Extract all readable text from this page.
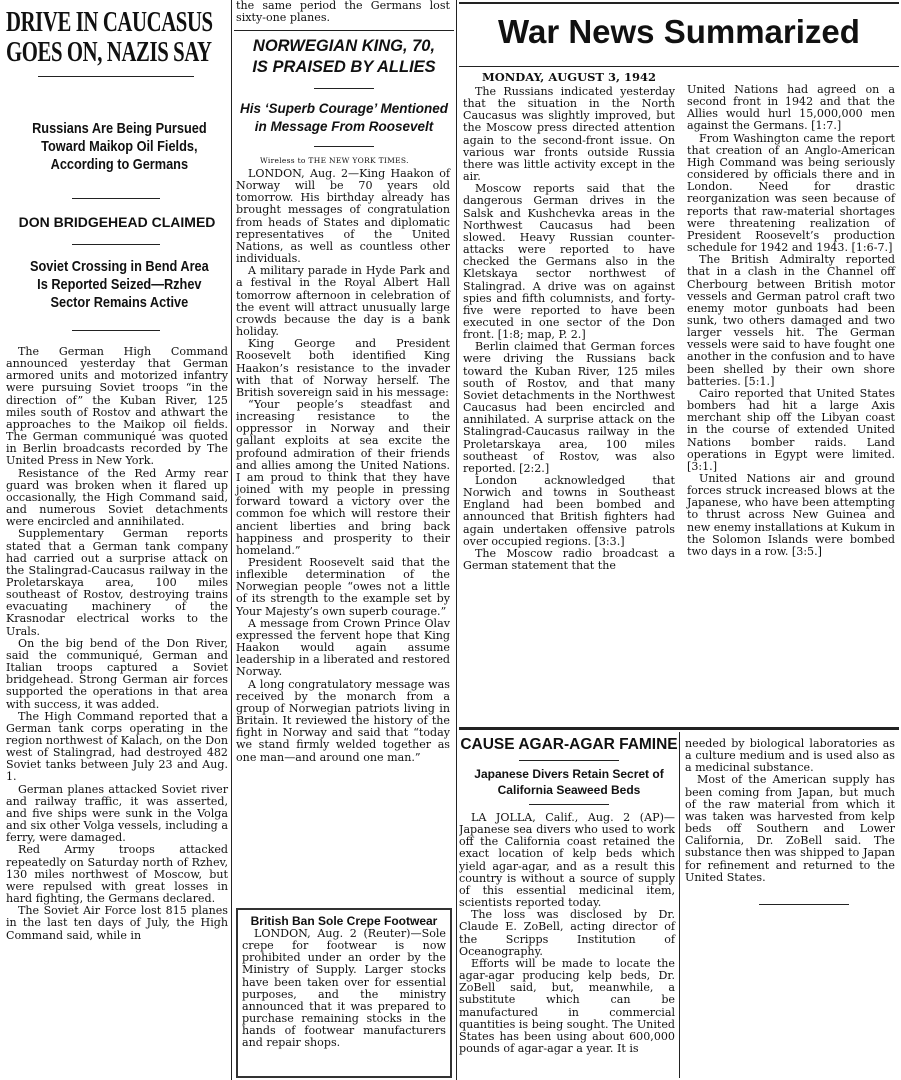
DRIVE IN CAUCASUS
GOES ON, NAZIS SAY
Russians Are Being Pursued
Toward Maikop Oil Fields,
According to Germans
DON BRIDGEHEAD CLAIMED
Soviet Crossing in Bend Area
Is Reported Seized—Rzhev
Sector Remains Active

The German High Command announced yesterday that German armored units and motorized infantry were pursuing Soviet troops “in the direction of” the Kuban River, 125 miles south of Rostov and athwart the approaches to the Maikop oil fields. The German communiqué was quoted in Berlin broadcasts recorded by The United Press in New York.

Resistance of the Red Army rear guard was broken when it flared up occasionally, the High Command said, and numerous Soviet detachments were encircled and annihilated.

Supplementary German reports stated that a German tank company had carried out a surprise attack on the Stalingrad-Caucasus railway in the Proletarskaya area, 100 miles southeast of Rostov, destroying trains evacuating machinery of the Krasnodar electrical works to the Urals.

On the big bend of the Don River, said the communiqué, German and Italian troops captured a Soviet bridgehead. Strong German air forces supported the operations in that area with success, it was added.

The High Command reported that a German tank corps operating in the region northwest of Kalach, on the Don west of Stalingrad, had destroyed 482 Soviet tanks between July 23 and Aug. 1.

German planes attacked Soviet river and railway traffic, it was asserted, and five ships were sunk in the Volga and six other Volga vessels, including a ferry, were damaged.

Red Army troops attacked repeatedly on Saturday north of Rzhev, 130 miles northwest of Moscow, but were repulsed with great losses in hard fighting, the Germans declared.

The Soviet Air Force lost 815 planes in the last ten days of July, the High Command said, while in

the same period the Germans lost sixty-one planes.
NORWEGIAN KING, 70,
IS PRAISED BY ALLIES
His ‘Superb Courage’ Mentioned
in Message From Roosevelt
Wireless to THE NEW YORK TIMES.

LONDON, Aug. 2—King Haakon of Norway will be 70 years old tomorrow. His birthday already has brought messages of congratulation from heads of States and diplomatic representatives of the United Nations, as well as countless other individuals.

A military parade in Hyde Park and a festival in the Royal Albert Hall tomorrow afternoon in celebration of the event will attract unusually large crowds because the day is a bank holiday.

King George and President Roosevelt both identified King Haakon’s resistance to the invader with that of Norway herself. The British sovereign said in his message:

“Your people’s steadfast and increasing resistance to the oppressor in Norway and their gallant exploits at sea excite the profound admiration of their friends and allies among the United Nations. I am proud to think that they have joined with my people in pressing forward toward a victory over the common foe which will restore their ancient liberties and bring back happiness and prosperity to their homeland.”

President Roosevelt said that the inflexible determination of the Norwegian people “owes not a little of its strength to the example set by Your Majesty’s own superb courage.”

A message from Crown Prince Olav expressed the fervent hope that King Haakon would again assume leadership in a liberated and restored Norway.

A long congratulatory message was received by the monarch from a group of Norwegian patriots living in Britain. It reviewed the history of the fight in Norway and said that “today we stand firmly welded together as one man—and around one man.”

British Ban Sole Crepe Footwear
LONDON, Aug. 2 (Reuter)—Sole crepe for footwear is now prohibited under an order by the Ministry of Supply. Larger stocks have been taken over for essential purposes, and the ministry announced that it was prepared to purchase remaining stocks in the hands of footwear manufacturers and repair shops.
War News Summarized
MONDAY, AUGUST 3, 1942

The Russians indicated yesterday that the situation in the North Caucasus was slightly improved, but the Moscow press directed attention again to the second-front issue. On various war fronts outside Russia there was little activity except in the air.

Moscow reports said that the dangerous German drives in the Salsk and Kushchevka areas in the Northwest Caucasus had been slowed. Heavy Russian counter-attacks were reported to have checked the Germans also in the Kletskaya sector northwest of Stalingrad. A drive was on against spies and fifth columnists, and forty-five were reported to have been executed in one sector of the Don front. [1:8; map, P. 2.]

Berlin claimed that German forces were driving the Russians back toward the Kuban River, 125 miles south of Rostov, and that many Soviet detachments in the Northwest Caucasus had been encircled and annihilated. A surprise attack on the Stalingrad-Caucasus railway in the Proletarskaya area, 100 miles southeast of Rostov, was also reported. [2:2.]

London acknowledged that Norwich and towns in Southeast England had been bombed and announced that British fighters had again undertaken offensive patrols over occupied regions. [3:3.]

The Moscow radio broadcast a German statement that the

United Nations had agreed on a second front in 1942 and that the Allies would hurl 15,000,000 men against the Germans. [1:7.]

From Washington came the report that creation of an Anglo-American High Command was being seriously considered by officials there and in London. Need for drastic reorganization was seen because of reports that raw-material shortages were threatening realization of President Roosevelt’s production schedule for 1942 and 1943. [1:6-7.]

The British Admiralty reported that in a clash in the Channel off Cherbourg between British motor vessels and German patrol craft two enemy motor gunboats had been sunk, two others damaged and two larger vessels hit. The German vessels were said to have fought one another in the confusion and to have been shelled by their own shore batteries. [5:1.]

Cairo reported that United States bombers had hit a large Axis merchant ship off the Libyan coast in the course of extended United Nations bomber raids. Land operations in Egypt were limited. [3:1.]

United Nations air and ground forces struck increased blows at the Japanese, who have been attempting to thrust across New Guinea and new enemy installations at Kukum in the Solomon Islands were bombed two days in a row. [3:5.]

CAUSE AGAR-AGAR FAMINE
Japanese Divers Retain Secret of
California Seaweed Beds

LA JOLLA, Calif., Aug. 2 (AP)—Japanese sea divers who used to work off the California coast retained the exact location of kelp beds which yield agar-agar, and as a result this country is without a source of supply of this essential medicinal item, scientists reported today.

The loss was disclosed by Dr. Claude E. ZoBell, acting director of the Scripps Institution of Oceanography.

Efforts will be made to locate the agar-agar producing kelp beds, Dr. ZoBell said, but, meanwhile, a substitute which can be manufactured in commercial quantities is being sought. The United States has been using about 600,000 pounds of agar-agar a year. It is

needed by biological laboratories as a culture medium and is used also as a medicinal substance.

Most of the American supply has been coming from Japan, but much of the raw material from which it was taken was harvested from kelp beds off Southern and Lower California, Dr. ZoBell said. The substance then was shipped to Japan for refinement and returned to the United States.
